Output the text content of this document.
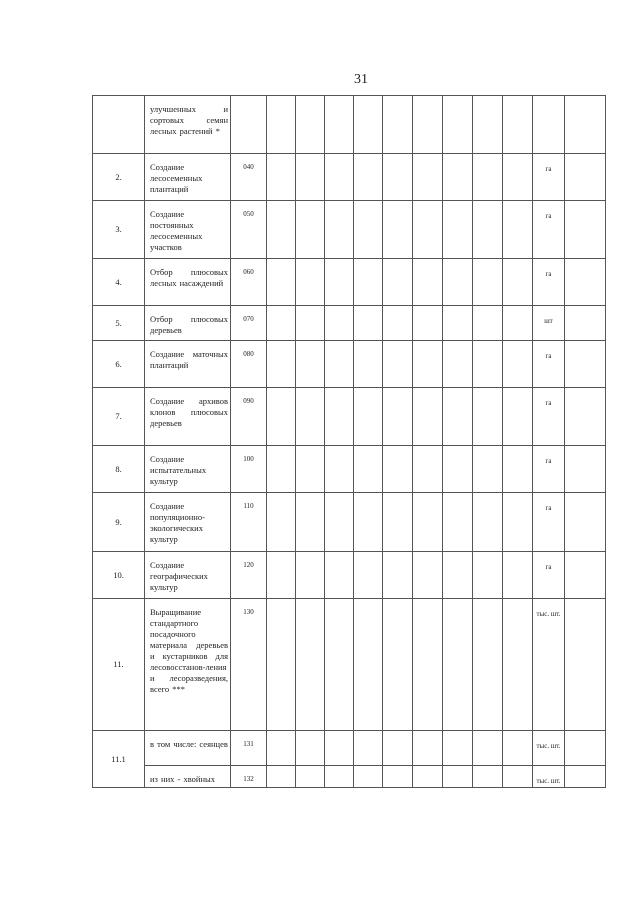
31
	улучшенных и сортовых семян лесных растений *												
2.	Создание лесосеменных плантаций	040										га	
3.	Создание постоянных лесосеменных участков	050										га	
4.	Отбор плюсовых лесных насаждений	060										га	
5.	Отбор плюсовых деревьев	070										шт	
6.	Создание маточных плантаций	080										га	
7.	Создание архивов клонов плюсовых деревьев	090										га	
8.	Создание испытательных культур	100										га	
9.	Создание популяционно-экологических культур	110										га	
10.	Создание географических культур	120										га	
11.	Выращивание стандартного посадочного материала деревьев и кустарников для лесовосстанов-ления и лесоразведения, всего ***	130										тыс. шт.	
11.1	в том числе: сеянцев	131										тыс. шт.	
	из них - хвойных	132										тыс. шт.	
